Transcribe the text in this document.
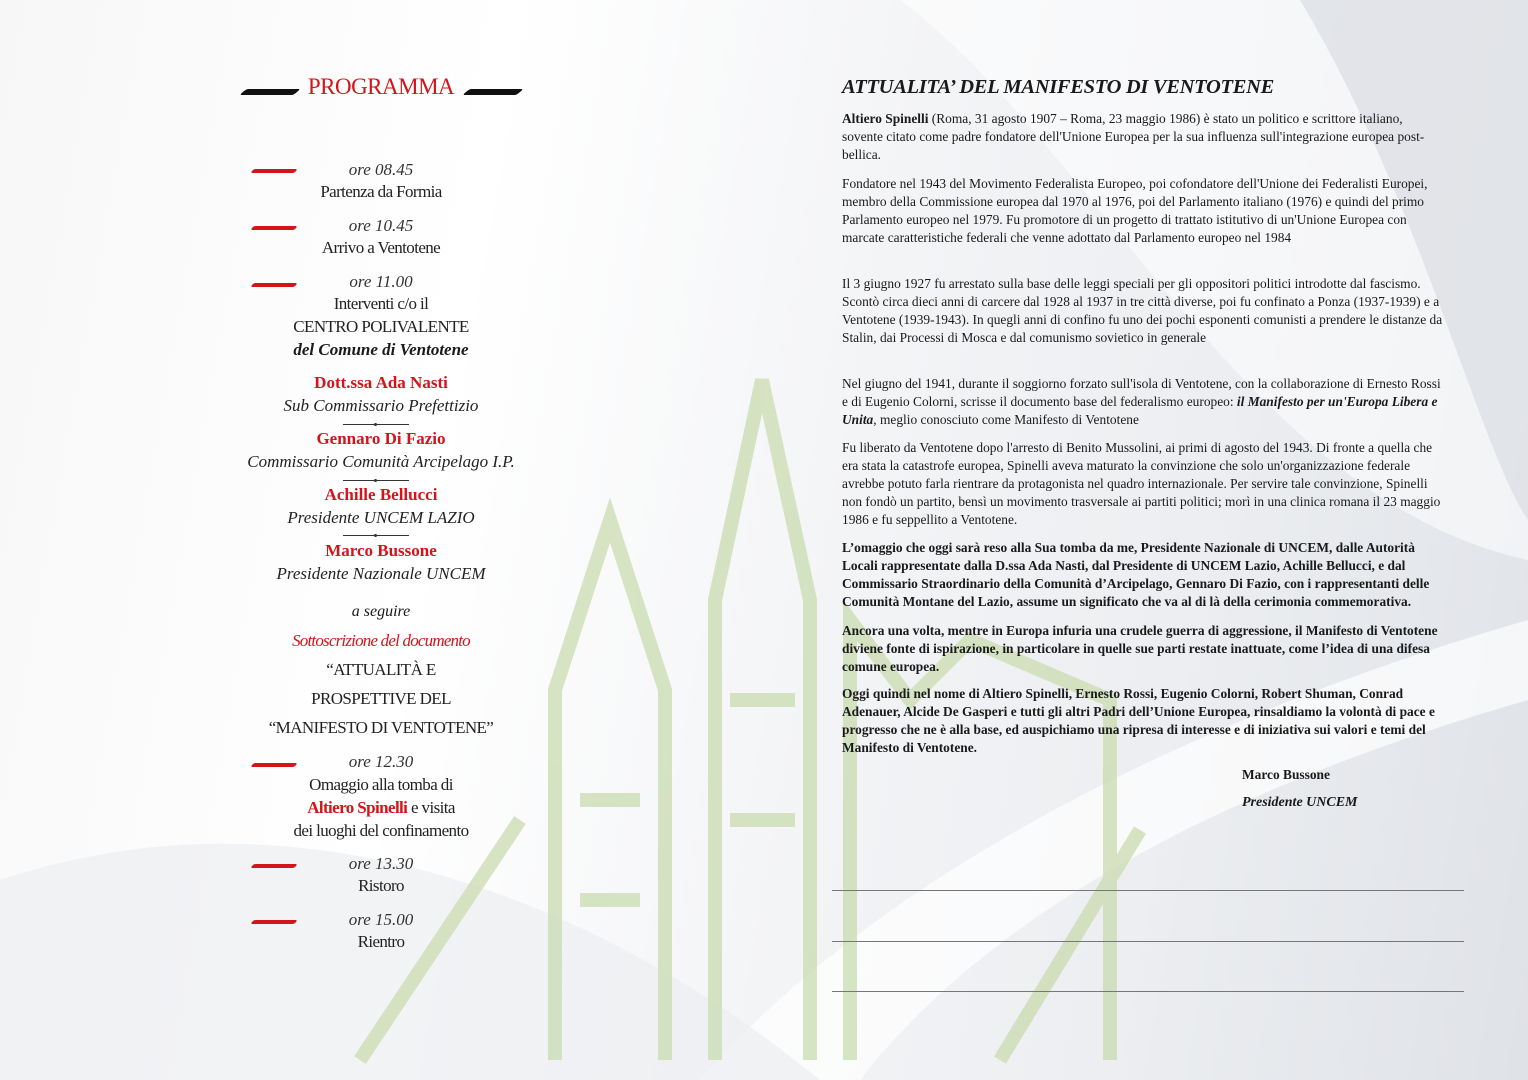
PROGRAMMA
ore 08.45
Partenza da Formia
ore 10.45
Arrivo a Ventotene
ore 11.00
Interventi c/o il
CENTRO POLIVALENTE
del Comune di Ventotene
Dott.ssa Ada Nasti
Sub Commissario Prefettizio
Gennaro Di Fazio
Commissario Comunità Arcipelago I.P.
Achille Bellucci
Presidente UNCEM LAZIO
Marco Bussone
Presidente Nazionale UNCEM
a seguire
Sottoscrizione del documento
“ATTUALITÀ E
PROSPETTIVE DEL
“MANIFESTO DI VENTOTENE”
ore 12.30
Omaggio alla tomba di
Altiero Spinelli e visita
dei luoghi del confinamento
ore 13.30
Ristoro
ore 15.00
Rientro
ATTUALITA’ DEL MANIFESTO DI VENTOTENE

Altiero Spinelli (Roma, 31 agosto 1907 – Roma, 23 maggio 1986) è stato un politico e scrittore italiano, sovente citato come padre fondatore dell'Unione Europea per la sua influenza sull'integrazione europea post-bellica.

Fondatore nel 1943 del Movimento Federalista Europeo, poi cofondatore dell'Unione dei Federalisti Europei, membro della Commissione europea dal 1970 al 1976, poi del Parlamento italiano (1976) e quindi del primo Parlamento europeo nel 1979. Fu promotore di un progetto di trattato istitutivo di un'Unione Europea con marcate caratteristiche federali che venne adottato dal Parlamento europeo nel 1984

Il 3 giugno 1927 fu arrestato sulla base delle leggi speciali per gli oppositori politici introdotte dal fascismo. Scontò circa dieci anni di carcere dal 1928 al 1937 in tre città diverse, poi fu confinato a Ponza (1937-1939) e a Ventotene (1939-1943). In quegli anni di confino fu uno dei pochi esponenti comunisti a prendere le distanze da Stalin, dai Processi di Mosca e dal comunismo sovietico in generale

Nel giugno del 1941, durante il soggiorno forzato sull'isola di Ventotene, con la collaborazione di Ernesto Rossi e di Eugenio Colorni, scrisse il documento base del federalismo europeo: il Manifesto per un'Europa Libera e Unita, meglio conosciuto come Manifesto di Ventotene

Fu liberato da Ventotene dopo l'arresto di Benito Mussolini, ai primi di agosto del 1943. Di fronte a quella che era stata la catastrofe europea, Spinelli aveva maturato la convinzione che solo un'organizzazione federale avrebbe potuto farla rientrare da protagonista nel quadro internazionale. Per servire tale convinzione, Spinelli non fondò un partito, bensì un movimento trasversale ai partiti politici; morì in una clinica romana il 23 maggio 1986 e fu seppellito a Ventotene.

L’omaggio che oggi sarà reso alla Sua tomba da me, Presidente Nazionale di UNCEM, dalle Autorità Locali rappresentate dalla D.ssa Ada Nasti, dal Presidente di UNCEM Lazio, Achille Bellucci, e dal Commissario Straordinario della Comunità d’Arcipelago, Gennaro Di Fazio, con i rappresentanti delle Comunità Montane del Lazio, assume un significato che va al di là della cerimonia commemorativa.

Ancora una volta, mentre in Europa infuria una crudele guerra di aggressione, il Manifesto di Ventotene diviene fonte di ispirazione, in particolare in quelle sue parti restate inattuate, come l’idea di una difesa comune europea.

Oggi quindi nel nome di Altiero Spinelli, Ernesto Rossi, Eugenio Colorni, Robert Shuman, Conrad Adenauer, Alcide De Gasperi e tutti gli altri Padri dell’Unione Europea, rinsaldiamo la volontà di pace e progresso che ne è alla base, ed auspichiamo una ripresa di interesse e di iniziativa sui valori e temi del Manifesto di Ventotene.

Marco Bussone
Presidente UNCEM
